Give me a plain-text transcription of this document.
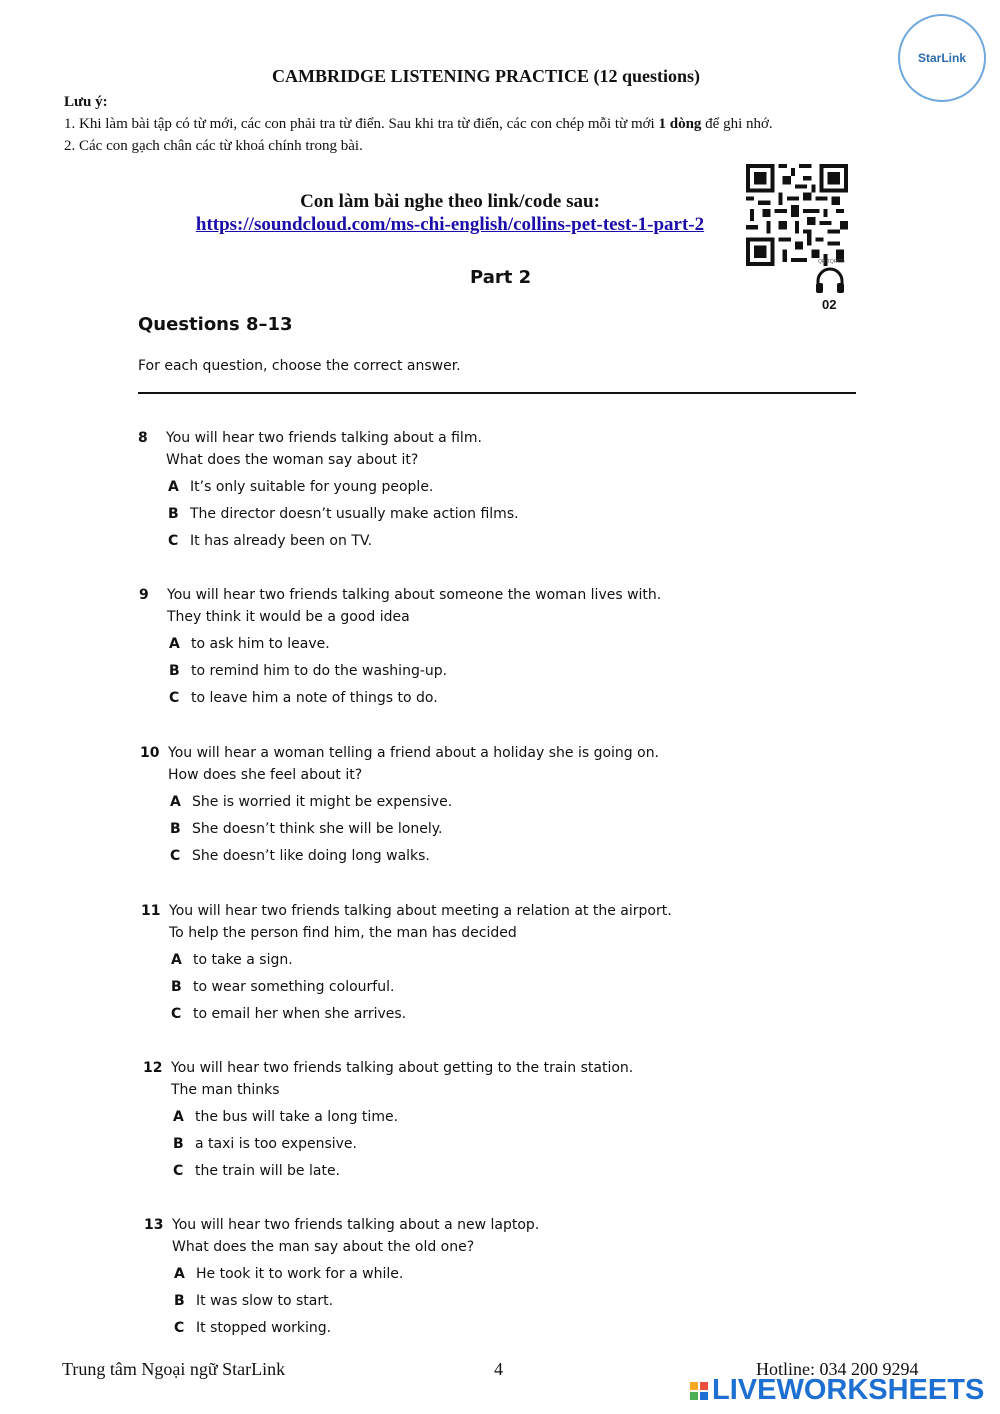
StarLink
CAMBRIDGE LISTENING PRACTICE (12 questions)
Lưu ý:
1. Khi làm bài tập có từ mới, các con phải tra từ điển. Sau khi tra từ điển, các con chép mỗi từ mới 1 dòng để ghi nhớ.
2. Các con gạch chân các từ khoá chính trong bài.
Con làm bài nghe theo link/code sau:
https://soundcloud.com/ms-chi-english/collins-pet-test-1-part-2
QR TQRCD
02
Part 2
Questions 8–13
For each question, choose the correct answer.
8 You will hear two friends talking about a film.
What does the woman say about it?
A It’s only suitable for young people.
B The director doesn’t usually make action films.
C It has already been on TV.
9 You will hear two friends talking about someone the woman lives with.
They think it would be a good idea
A to ask him to leave.
B to remind him to do the washing-up.
C to leave him a note of things to do.
10 You will hear a woman telling a friend about a holiday she is going on.
How does she feel about it?
A She is worried it might be expensive.
B She doesn’t think she will be lonely.
C She doesn’t like doing long walks.
11 You will hear two friends talking about meeting a relation at the airport.
To help the person find him, the man has decided
A to take a sign.
B to wear something colourful.
C to email her when she arrives.
12 You will hear two friends talking about getting to the train station.
The man thinks
A the bus will take a long time.
B a taxi is too expensive.
C the train will be late.
13 You will hear two friends talking about a new laptop.
What does the man say about the old one?
A He took it to work for a while.
B It was slow to start.
C It stopped working.
Trung tâm Ngoại ngữ StarLink	4	Hotline: 034 200 9294
LIVEWORKSHEETS
